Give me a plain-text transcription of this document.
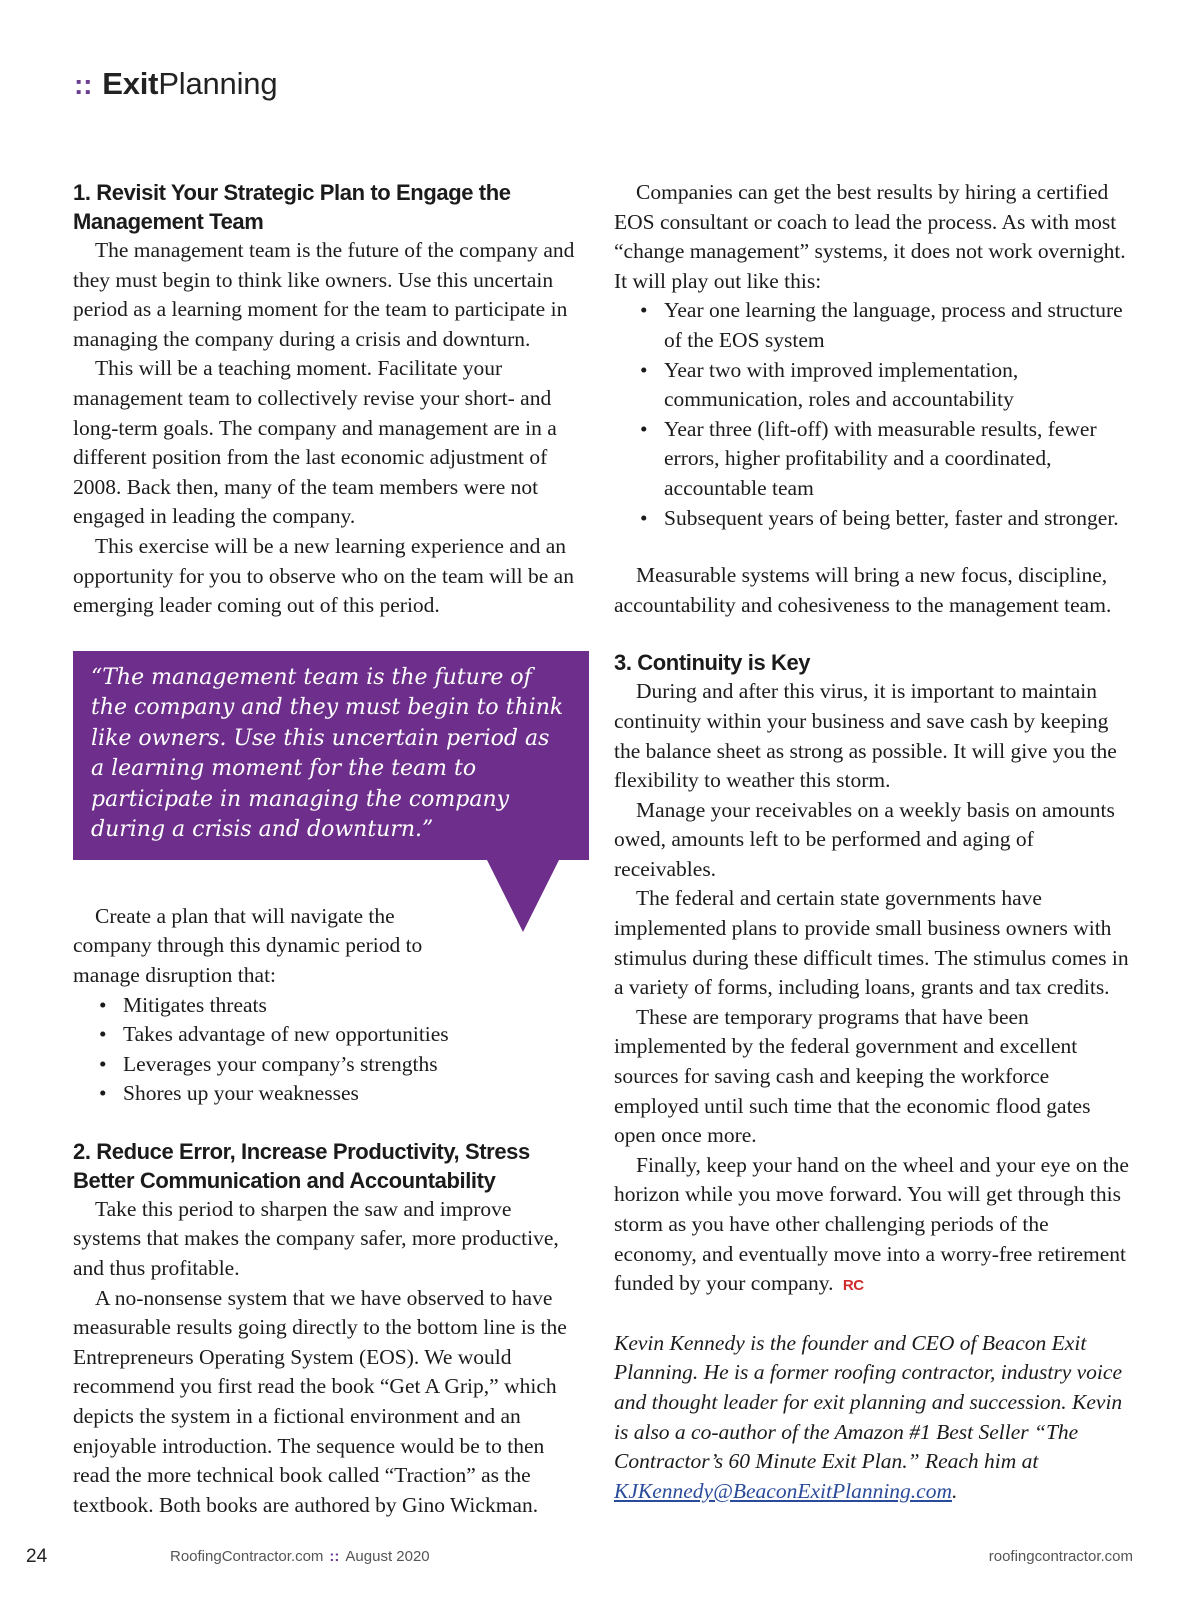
:: ExitPlanning
1. Revisit Your Strategic Plan to Engage the Management Team

The management team is the future of the company and they must begin to think like owners. Use this uncertain period as a learning moment for the team to participate in managing the company during a crisis and downturn.

This will be a teaching moment. Facilitate your management team to collectively revise your short- and long-term goals. The company and management are in a different position from the last economic adjustment of 2008. Back then, many of the team members were not engaged in leading the company.

This exercise will be a new learning experience and an opportunity for you to observe who on the team will be an emerging leader coming out of this period.

“The management team is the future of the company and they must begin to think like owners. Use this uncertain period as a learning moment for the team to participate in managing the company during a crisis and downturn.”

Create a plan that will navigate the company through this dynamic period to manage disruption that:

• Mitigates threats
• Takes advantage of new opportunities
• Leverages your company’s strengths
• Shores up your weaknesses
2. Reduce Error, Increase Productivity, Stress Better Communication and Accountability

Take this period to sharpen the saw and improve systems that makes the company safer, more productive, and thus profitable.

A no-nonsense system that we have observed to have measurable results going directly to the bottom line is the Entrepreneurs Operating System (EOS). We would recommend you first read the book “Get A Grip,” which depicts the system in a fictional environment and an enjoyable introduction. The sequence would be to then read the more technical book called “Traction” as the textbook. Both books are authored by Gino Wickman.

Companies can get the best results by hiring a certified EOS consultant or coach to lead the process. As with most “change management” systems, it does not work overnight. It will play out like this:

• Year one learning the language, process and structure of the EOS system
• Year two with improved implementation, communication, roles and accountability
• Year three (lift-off) with measurable results, fewer errors, higher profitability and a coordinated, accountable team
• Subsequent years of being better, faster and stronger.

Measurable systems will bring a new focus, discipline, accountability and cohesiveness to the management team.

3. Continuity is Key

During and after this virus, it is important to maintain continuity within your business and save cash by keeping the balance sheet as strong as possible. It will give you the flexibility to weather this storm.

Manage your receivables on a weekly basis on amounts owed, amounts left to be performed and aging of receivables.

The federal and certain state governments have implemented plans to provide small business owners with stimulus during these difficult times. The stimulus comes in a variety of forms, including loans, grants and tax credits.

These are temporary programs that have been implemented by the federal government and excellent sources for saving cash and keeping the workforce employed until such time that the economic flood gates open once more.

Finally, keep your hand on the wheel and your eye on the horizon while you move forward. You will get through this storm as you have other challenging periods of the economy, and eventually move into a worry-free retirement funded by your company. RC

Kevin Kennedy is the founder and CEO of Beacon Exit Planning. He is a former roofing contractor, industry voice and thought leader for exit planning and succession. Kevin is also a co-author of the Amazon #1 Best Seller “The Contractor’s 60 Minute Exit Plan.” Reach him at KJKennedy@BeaconExitPlanning.com.

24	RoofingContractor.com :: August 2020	roofingcontractor.com
